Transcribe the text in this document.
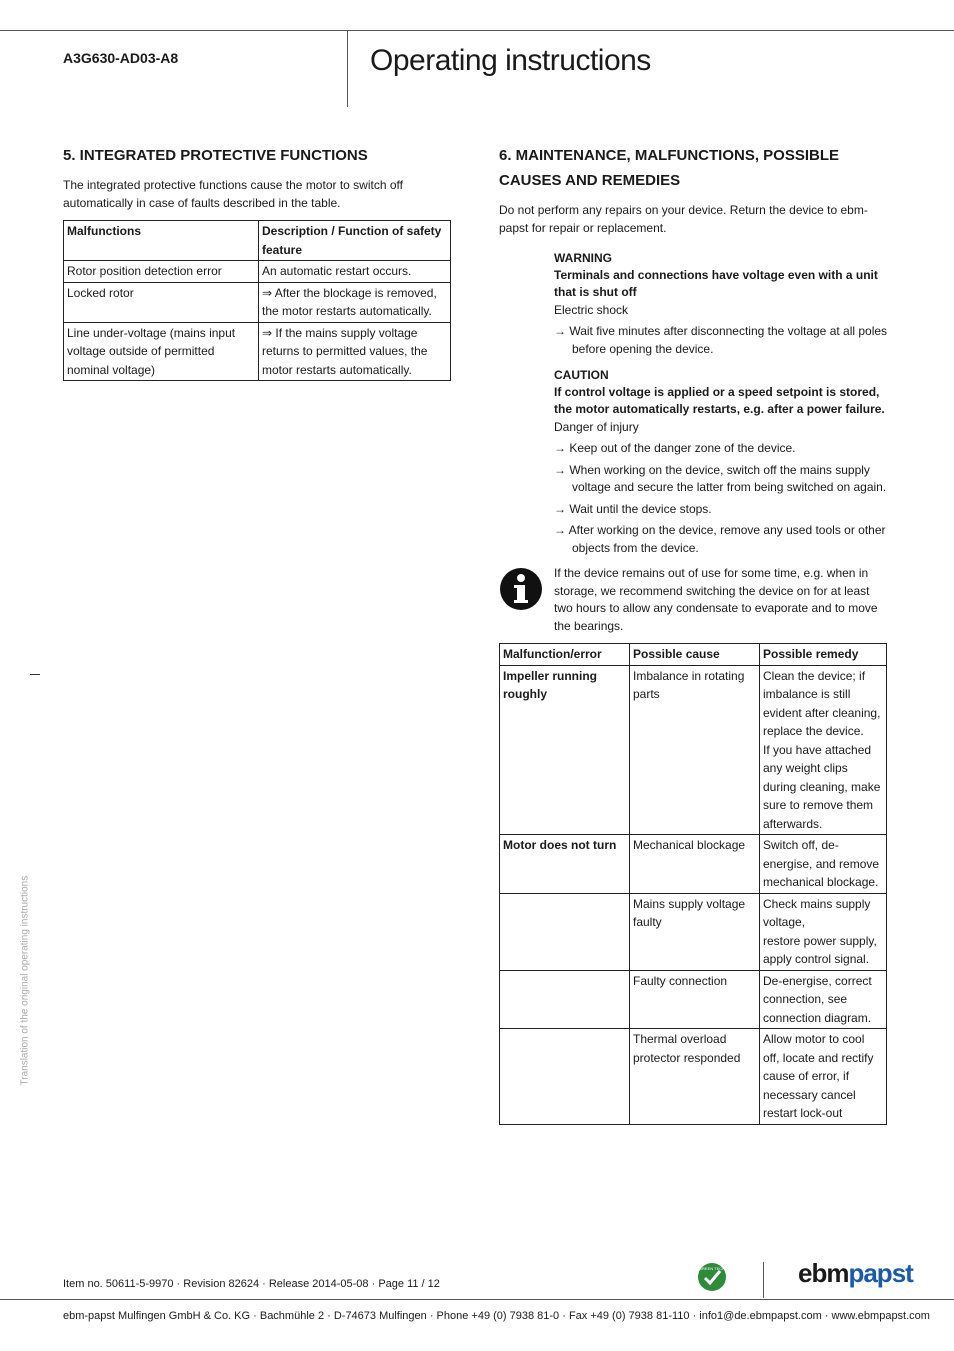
A3G630-AD03-A8	Operating instructions
5. INTEGRATED PROTECTIVE FUNCTIONS

The integrated protective functions cause the motor to switch off automatically in case of faults described in the table.

Malfunctions	Description / Function of safety feature
Rotor position detection error	An automatic restart occurs.
Locked rotor	⇒ After the blockage is removed, the motor restarts automatically.
Line under-voltage (mains input voltage outside of permitted nominal voltage)	⇒ If the mains supply voltage returns to permitted values, the motor restarts automatically.
6. MAINTENANCE, MALFUNCTIONS, POSSIBLE CAUSES AND REMEDIES

Do not perform any repairs on your device. Return the device to ebm-papst for repair or replacement.

WARNING
Terminals and connections have voltage even with a unit that is shut off
Electric shock

→ Wait five minutes after disconnecting the voltage at all poles before opening the device.

CAUTION
If control voltage is applied or a speed setpoint is stored, the motor automatically restarts, e.g. after a power failure.
Danger of injury

→ Keep out of the danger zone of the device.

→ When working on the device, switch off the mains supply voltage and secure the latter from being switched on again.

→ Wait until the device stops.

→ After working on the device, remove any used tools or other objects from the device.

If the device remains out of use for some time, e.g. when in storage, we recommend switching the device on for at least two hours to allow any condensate to evaporate and to move the bearings.
Malfunction/error	Possible cause	Possible remedy
Impeller running roughly	Imbalance in rotating parts	Clean the device; if imbalance is still evident after cleaning, replace the device.
If you have attached any weight clips during cleaning, make sure to remove them afterwards.
Motor does not turn	Mechanical blockage	Switch off, de-energise, and remove mechanical blockage.
	Mains supply voltage faulty	Check mains supply voltage,
restore power supply,
apply control signal.
	Faulty connection	De-energise, correct connection, see connection diagram.
	Thermal overload protector responded	Allow motor to cool off, locate and rectify cause of error, if necessary cancel restart lock-out
Translation of the original operating instructions
Item no. 50611-5-9970 · Revision 82624 · Release 2014-05-08 · Page 11 / 12
GREEN TECH	ebmpapst
ebm-papst Mulfingen GmbH & Co. KG · Bachmühle 2 · D-74673 Mulfingen · Phone +49 (0) 7938 81-0 · Fax +49 (0) 7938 81-110 · info1@de.ebmpapst.com · www.ebmpapst.com
